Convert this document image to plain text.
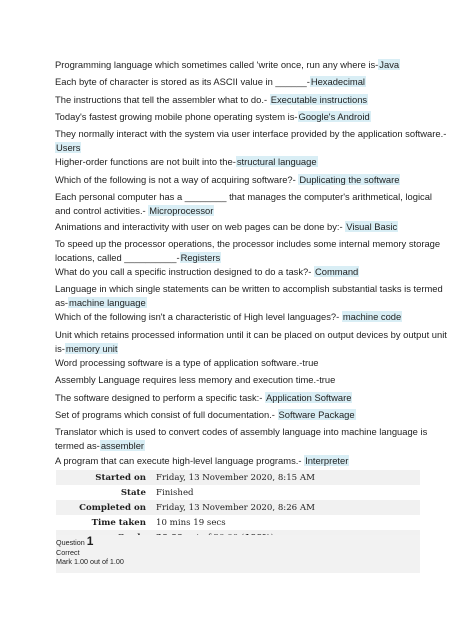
Programming language which sometimes called 'write once, run any where is-Java
Each byte of character is stored as its ASCII value in ______-Hexadecimal
The instructions that tell the assembler what to do.- Executable instructions
Today's fastest growing mobile phone operating system is-Google's Android
They normally interact with the system via user interface provided by the application software.- Users
Higher-order functions are not built into the-structural language
Which of the following is not a way of acquiring software?- Duplicating the software
Each personal computer has a ________ that manages the computer's arithmetical, logical and control activities.- Microprocessor
Animations and interactivity with user on web pages can be done by:- Visual Basic
To speed up the processor operations, the processor includes some internal memory storage locations, called __________-Registers
What do you call a specific instruction designed to do a task?- Command
Language in which single statements can be written to accomplish substantial tasks is termed as-machine language
Which of the following isn't a characteristic of High level languages?- machine code
Unit which retains processed information until it can be placed on output devices by output unit is-memory unit
Word processing software is a type of application software.-true
Assembly Language requires less memory and execution time.-true
The software designed to perform a specific task:- Application Software
Set of programs which consist of full documentation.- Software Package
Translator which is used to convert codes of assembly language into machine language is termed as-assembler
A program that can execute high-level language programs.- Interpreter
Started on	Friday, 13 November 2020, 8:15 AM
State	Finished
Completed on	Friday, 13 November 2020, 8:26 AM
Time taken	10 mins 19 secs

Question 1
Correct
Mark 1.00 out of 1.00
